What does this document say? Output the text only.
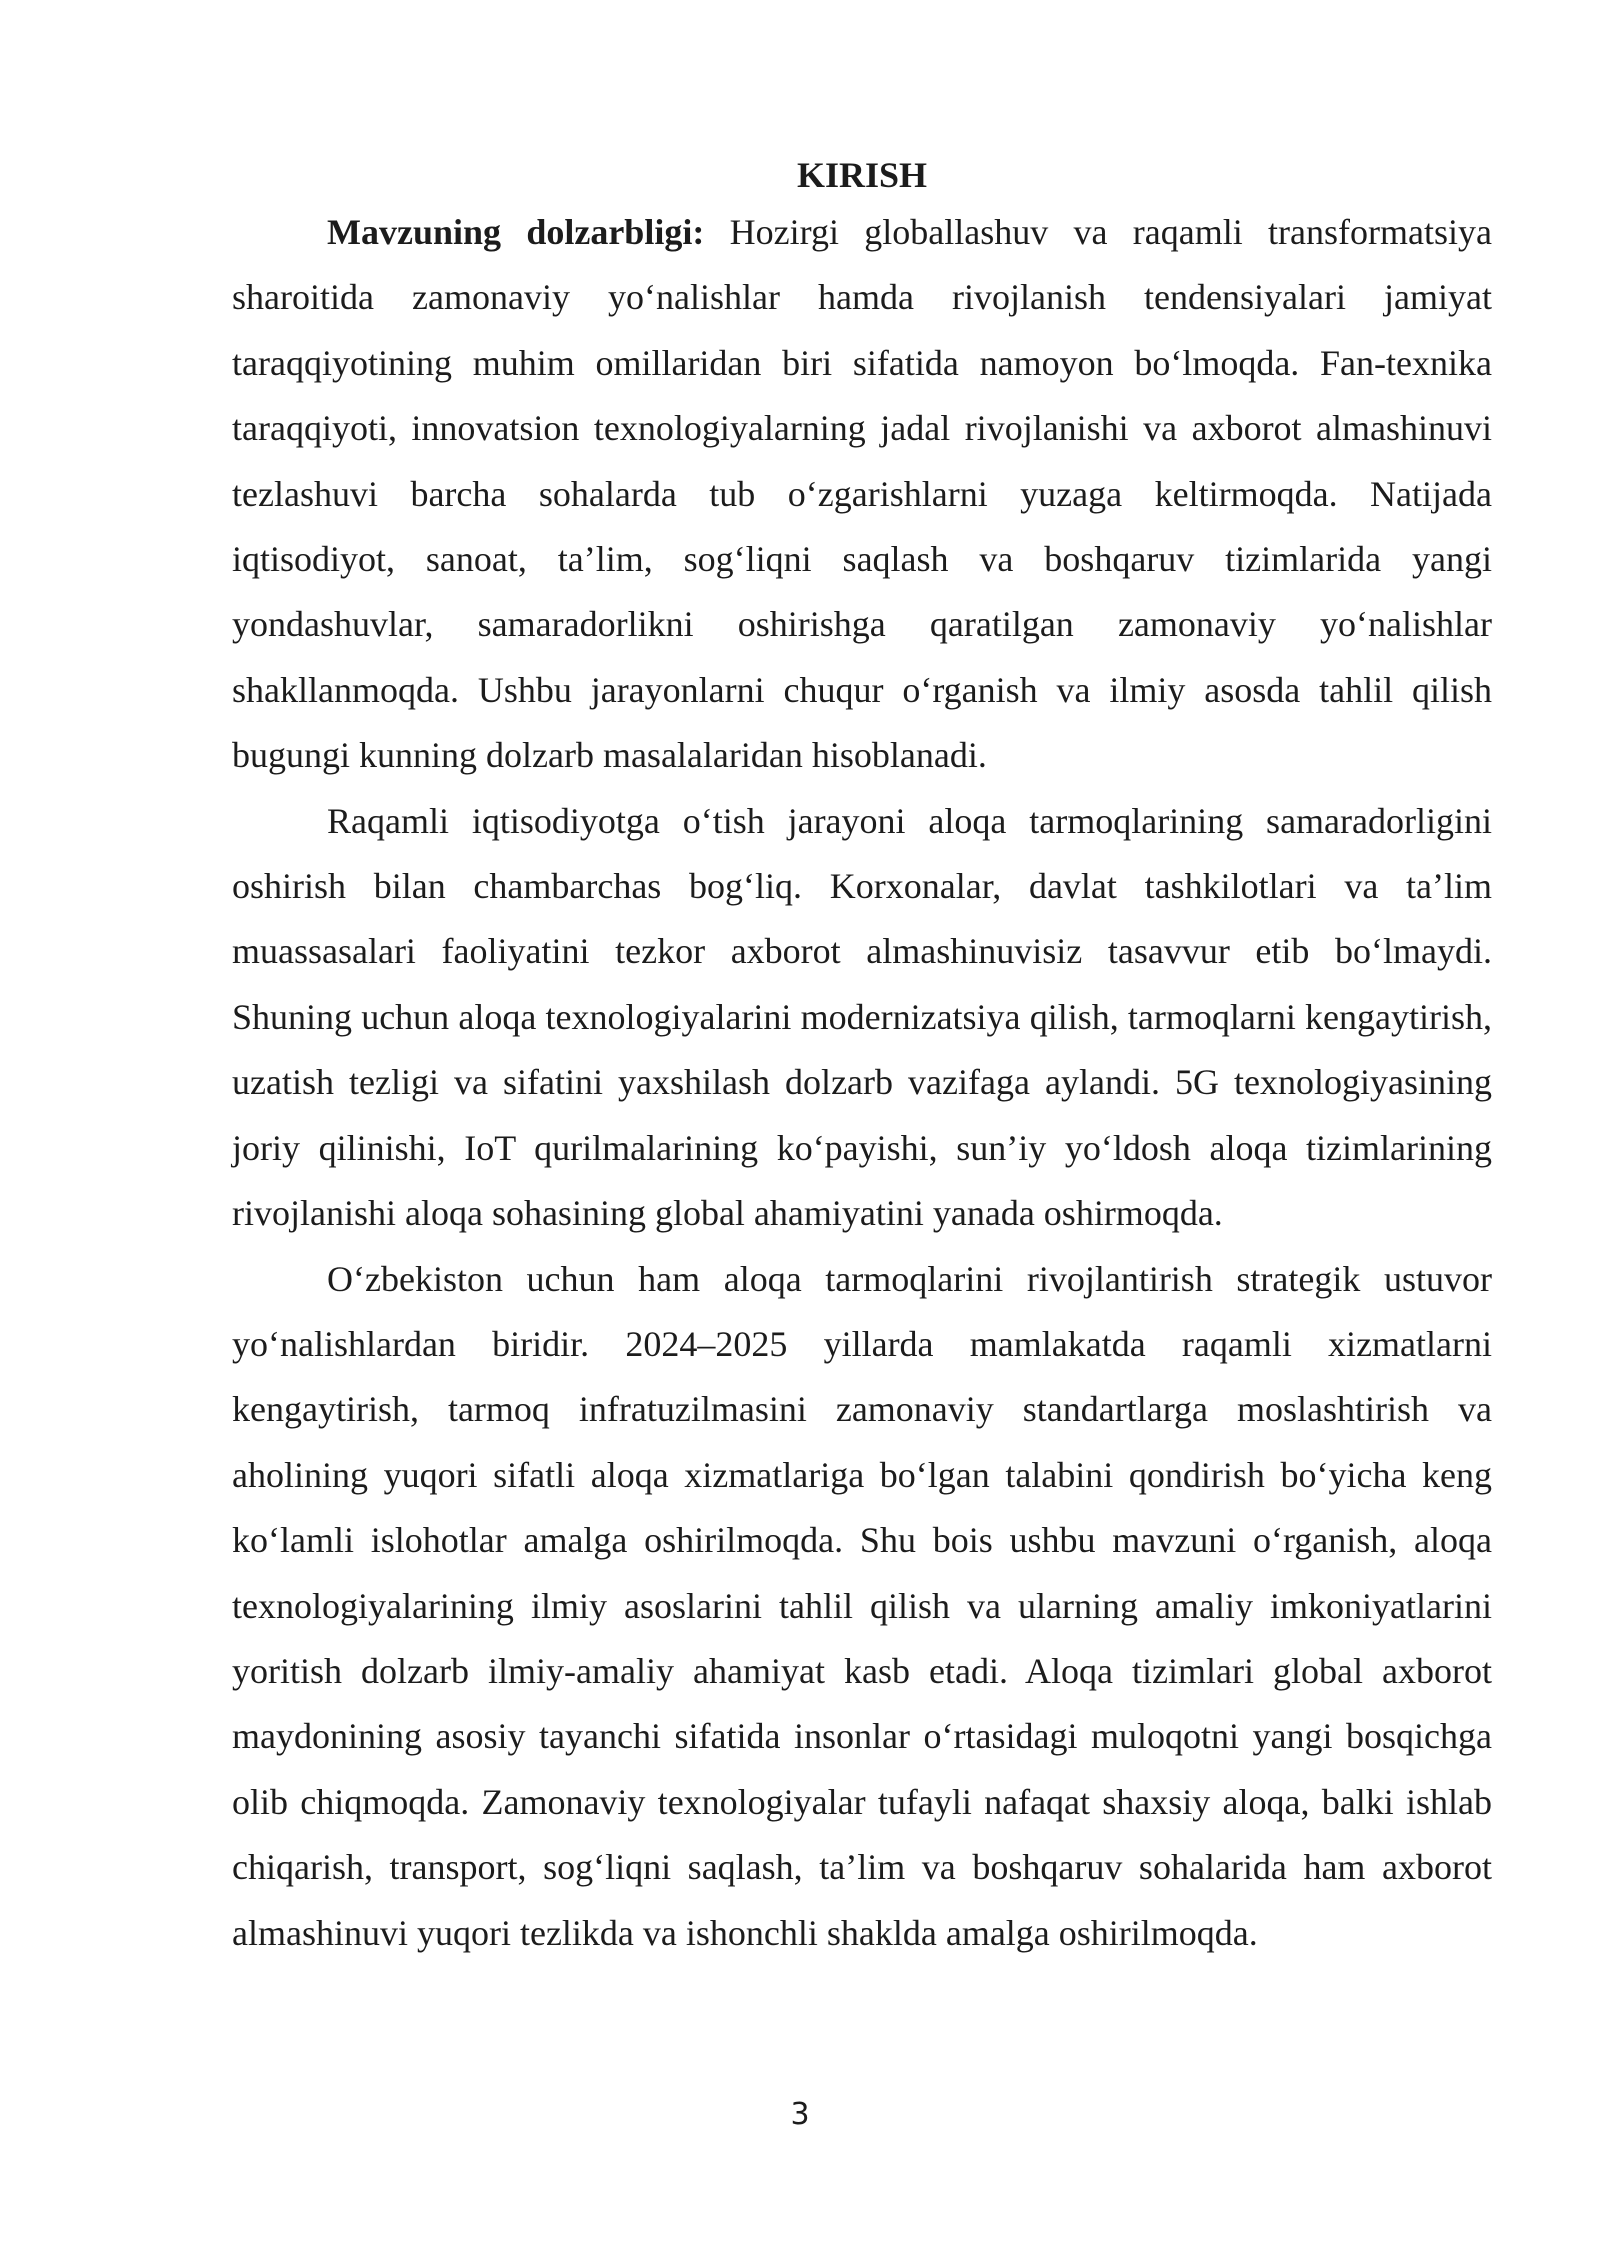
KIRISH

Mavzuning dolzarbligi: Hozirgi globallashuv va raqamli transformatsiya sharoitida zamonaviy yo‘nalishlar hamda rivojlanish tendensiyalari jamiyat taraqqiyotining muhim omillaridan biri sifatida namoyon bo‘lmoqda. Fan-texnika taraqqiyoti, innovatsion texnologiyalarning jadal rivojlanishi va axborot almashinuvi tezlashuvi barcha sohalarda tub o‘zgarishlarni yuzaga keltirmoqda. Natijada iqtisodiyot, sanoat, ta’lim, sog‘liqni saqlash va boshqaruv tizimlarida yangi yondashuvlar, samaradorlikni oshirishga qaratilgan zamonaviy yo‘nalishlar shakllanmoqda. Ushbu jarayonlarni chuqur o‘rganish va ilmiy asosda tahlil qilish bugungi kunning dolzarb masalalaridan hisoblanadi.

Raqamli iqtisodiyotga o‘tish jarayoni aloqa tarmoqlarining samaradorligini oshirish bilan chambarchas bog‘liq. Korxonalar, davlat tashkilotlari va ta’lim muassasalari faoliyatini tezkor axborot almashinuvisiz tasavvur etib bo‘lmaydi. Shuning uchun aloqa texnologiyalarini modernizatsiya qilish, tarmoqlarni kengaytirish, uzatish tezligi va sifatini yaxshilash dolzarb vazifaga aylandi. 5G texnologiyasining joriy qilinishi, IoT qurilmalarining ko‘payishi, sun’iy yo‘ldosh aloqa tizimlarining rivojlanishi aloqa sohasining global ahamiyatini yanada oshirmoqda.

O‘zbekiston uchun ham aloqa tarmoqlarini rivojlantirish strategik ustuvor yo‘nalishlardan biridir. 2024–2025 yillarda mamlakatda raqamli xizmatlarni kengaytirish, tarmoq infratuzilmasini zamonaviy standartlarga moslashtirish va aholining yuqori sifatli aloqa xizmatlariga bo‘lgan talabini qondirish bo‘yicha keng ko‘lamli islohotlar amalga oshirilmoqda. Shu bois ushbu mavzuni o‘rganish, aloqa texnologiyalarining ilmiy asoslarini tahlil qilish va ularning amaliy imkoniyatlarini yoritish dolzarb ilmiy-amaliy ahamiyat kasb etadi. Aloqa tizimlari global axborot maydonining asosiy tayanchi sifatida insonlar o‘rtasidagi muloqotni yangi bosqichga olib chiqmoqda. Zamonaviy texnologiyalar tufayli nafaqat shaxsiy aloqa, balki ishlab chiqarish, transport, sog‘liqni saqlash, ta’lim va boshqaruv sohalarida ham axborot almashinuvi yuqori tezlikda va ishonchli shaklda amalga oshirilmoqda.

3
